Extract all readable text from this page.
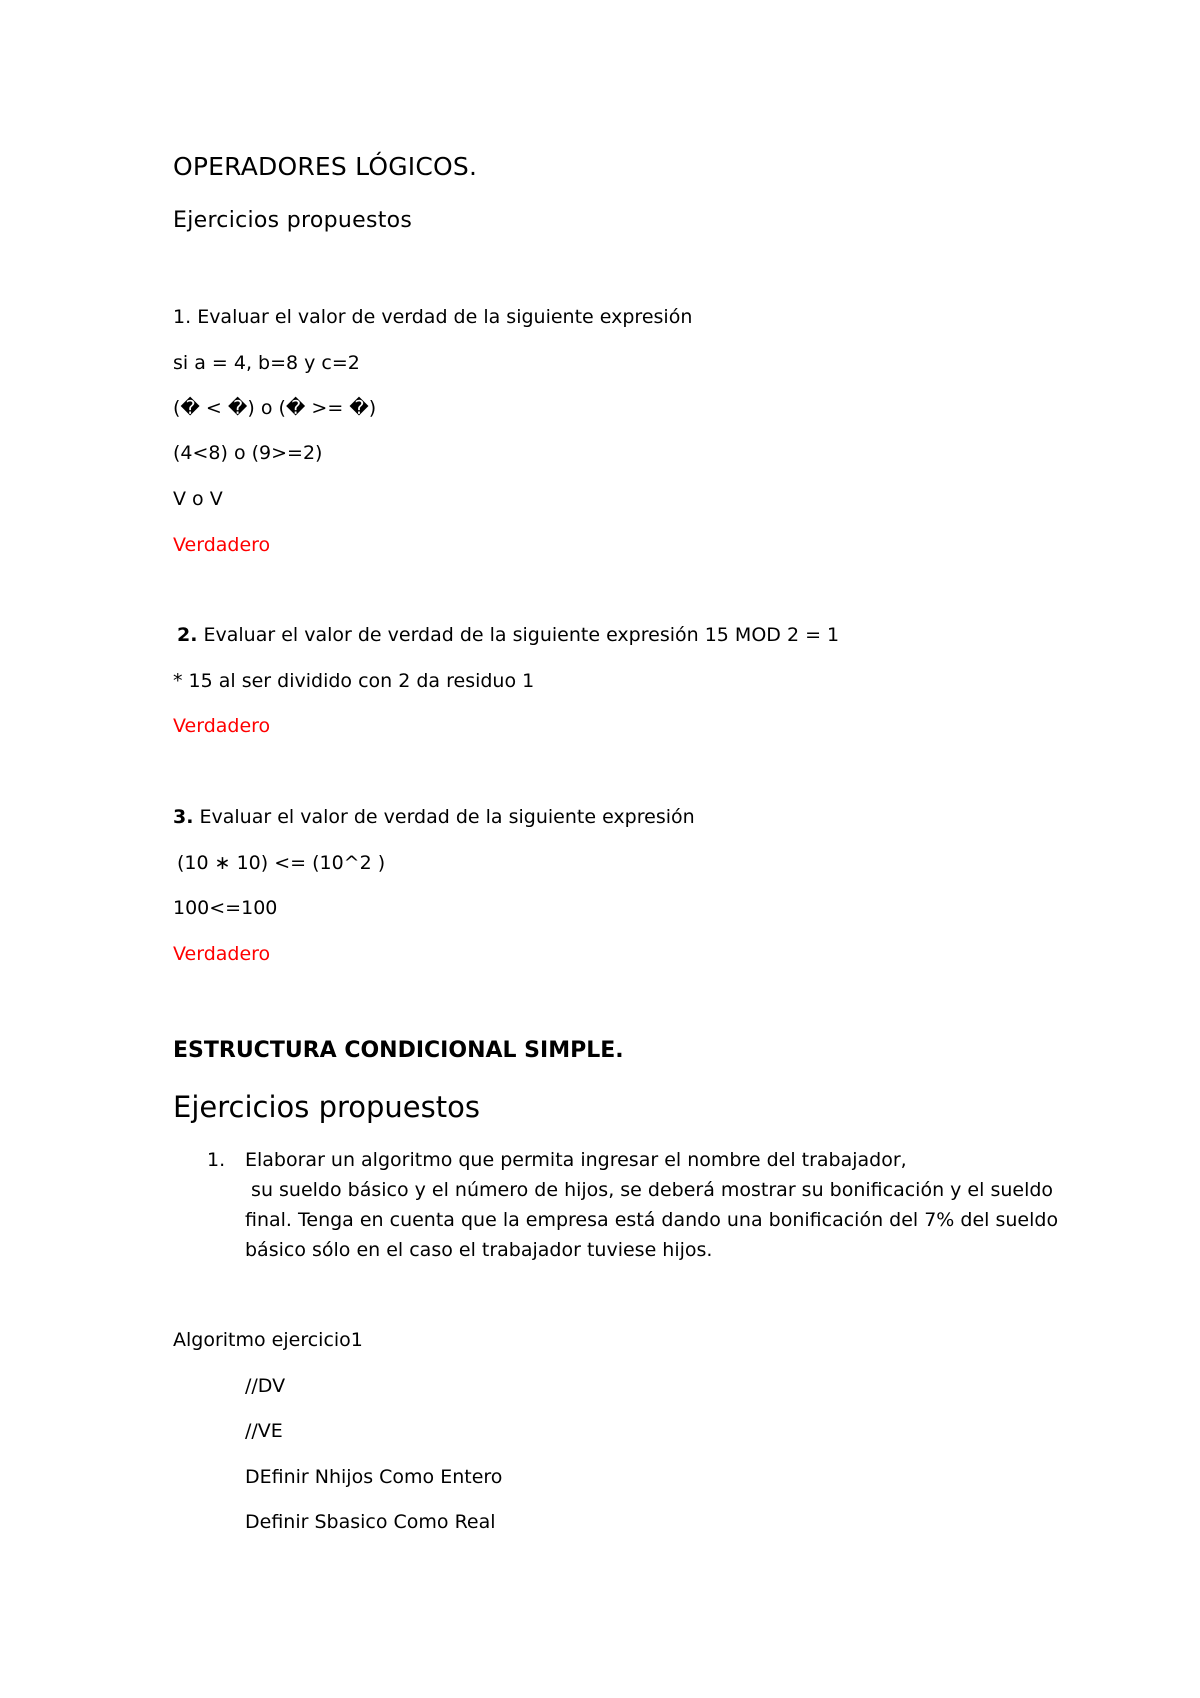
OPERADORES LÓGICOS.
Ejercicios propuestos
1. Evaluar el valor de verdad de la siguiente expresión
si a = 4, b=8 y c=2
(� < �) o (� >= �)
(4<8) o (9>=2)
V o V
Verdadero
2. Evaluar el valor de verdad de la siguiente expresión 15 MOD 2 = 1
* 15 al ser dividido con 2 da residuo 1
Verdadero
3. Evaluar el valor de verdad de la siguiente expresión
(10 ∗ 10) <= (10^2 )
100<=100
Verdadero
ESTRUCTURA CONDICIONAL SIMPLE.
Ejercicios propuestos
1. Elaborar un algoritmo que permita ingresar el nombre del trabajador,
su sueldo básico y el número de hijos, se deberá mostrar su bonificación y el sueldo
final. Tenga en cuenta que la empresa está dando una bonificación del 7% del sueldo
básico sólo en el caso el trabajador tuviese hijos.
Algoritmo ejercicio1
//DV
//VE
DEfinir Nhijos Como Entero
Definir Sbasico Como Real
